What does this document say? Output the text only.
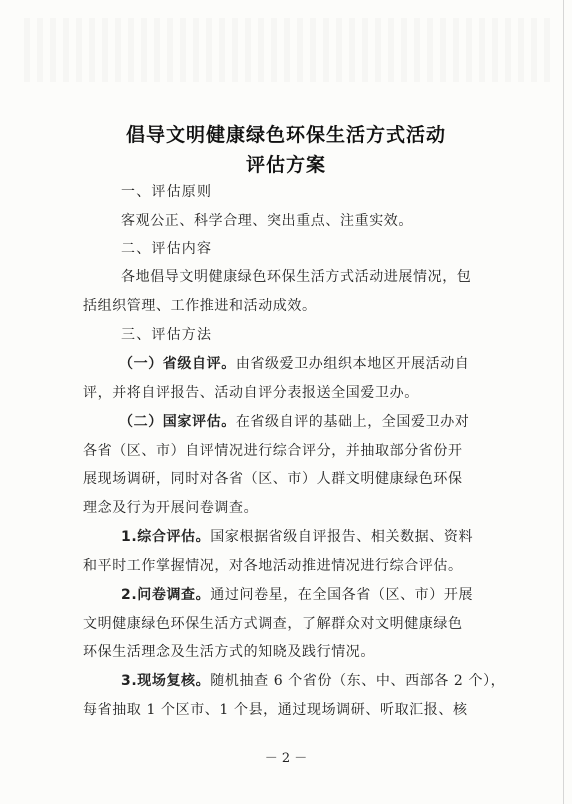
倡导文明健康绿色环保生活方式活动
评估方案
一、评估原则
客观公正、科学合理、突出重点、注重实效。
二、评估内容
各地倡导文明健康绿色环保生活方式活动进展情况，包
括组织管理、工作推进和活动成效。
三、评估方法
（一）省级自评。由省级爱卫办组织本地区开展活动自
评，并将自评报告、活动自评分表报送全国爱卫办。
（二）国家评估。在省级自评的基础上，全国爱卫办对
各省（区、市）自评情况进行综合评分，并抽取部分省份开
展现场调研，同时对各省（区、市）人群文明健康绿色环保
理念及行为开展问卷调查。
1.综合评估。国家根据省级自评报告、相关数据、资料
和平时工作掌握情况，对各地活动推进情况进行综合评估。
2.问卷调查。通过问卷星，在全国各省（区、市）开展
文明健康绿色环保生活方式调查，了解群众对文明健康绿色
环保生活理念及生活方式的知晓及践行情况。
3.现场复核。随机抽查 6 个省份（东、中、西部各 2 个），
每省抽取 1 个区市、1 个县，通过现场调研、听取汇报、核
－ 2 －
